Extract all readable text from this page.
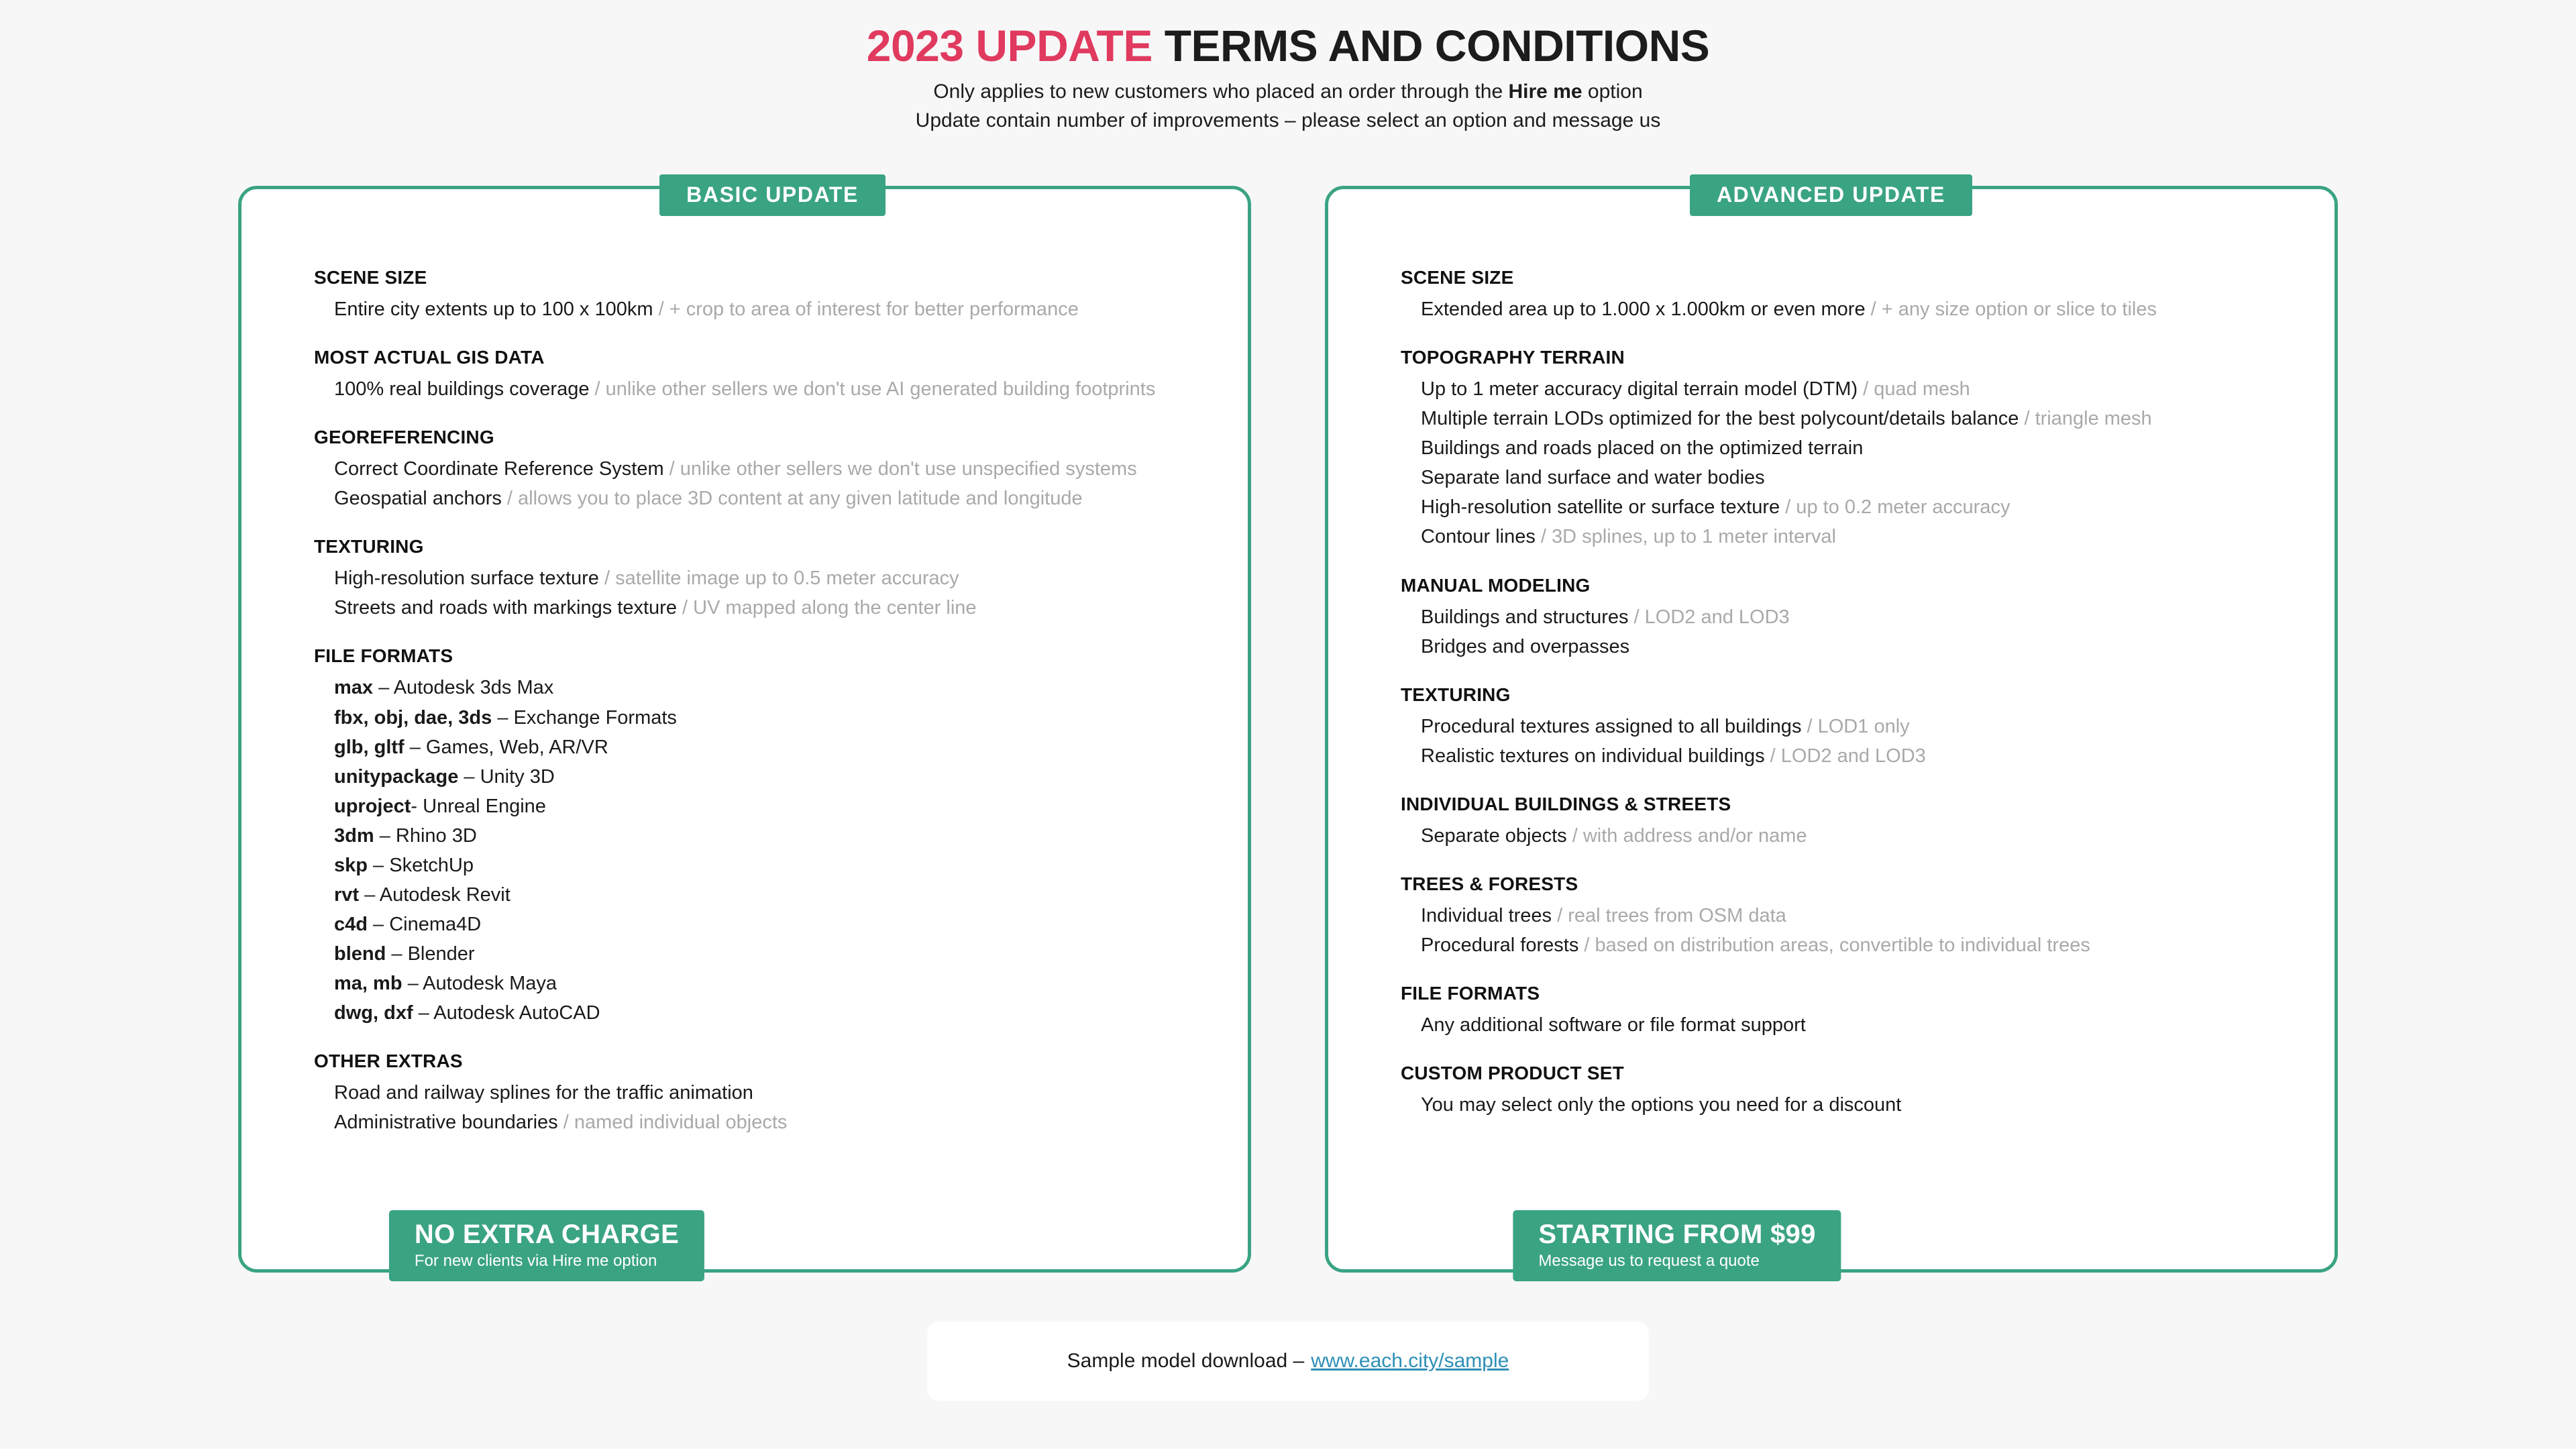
2023 UPDATE TERMS AND CONDITIONS
Only applies to new customers who placed an order through the Hire me option
Update contain number of improvements – please select an option and message us
BASIC UPDATE
SCENE SIZE
Entire city extents up to 100 x 100km / + crop to area of interest for better performance
MOST ACTUAL GIS DATA
100% real buildings coverage / unlike other sellers we don't use AI generated building footprints
GEOREFERENCING
Correct Coordinate Reference System / unlike other sellers we don't use unspecified systems
Geospatial anchors / allows you to place 3D content at any given latitude and longitude
TEXTURING
High-resolution surface texture / satellite image up to 0.5 meter accuracy
Streets and roads with markings texture / UV mapped along the center line
FILE FORMATS
max – Autodesk 3ds Max
fbx, obj, dae, 3ds – Exchange Formats
glb, gltf – Games, Web, AR/VR
unitypackage – Unity 3D
uproject- Unreal Engine
3dm – Rhino 3D
skp – SketchUp
rvt – Autodesk Revit
c4d – Cinema4D
blend – Blender
ma, mb – Autodesk Maya
dwg, dxf – Autodesk AutoCAD
OTHER EXTRAS
Road and railway splines for the traffic animation
Administrative boundaries / named individual objects
NO EXTRA CHARGE
For new clients via Hire me option
ADVANCED UPDATE
SCENE SIZE
Extended area up to 1.000 x 1.000km or even more / + any size option or slice to tiles
TOPOGRAPHY TERRAIN
Up to 1 meter accuracy digital terrain model (DTM) / quad mesh
Multiple terrain LODs optimized for the best polycount/details balance / triangle mesh
Buildings and roads placed on the optimized terrain
Separate land surface and water bodies
High-resolution satellite or surface texture / up to 0.2 meter accuracy
Contour lines / 3D splines, up to 1 meter interval
MANUAL MODELING
Buildings and structures / LOD2 and LOD3
Bridges and overpasses
TEXTURING
Procedural textures assigned to all buildings / LOD1 only
Realistic textures on individual buildings / LOD2 and LOD3
INDIVIDUAL BUILDINGS & STREETS
Separate objects / with address and/or name
TREES & FORESTS
Individual trees / real trees from OSM data
Procedural forests / based on distribution areas, convertible to individual trees
FILE FORMATS
Any additional software or file format support
CUSTOM PRODUCT SET
You may select only the options you need for a discount
STARTING FROM $99
Message us to request a quote
Sample model download – www.each.city/sample
